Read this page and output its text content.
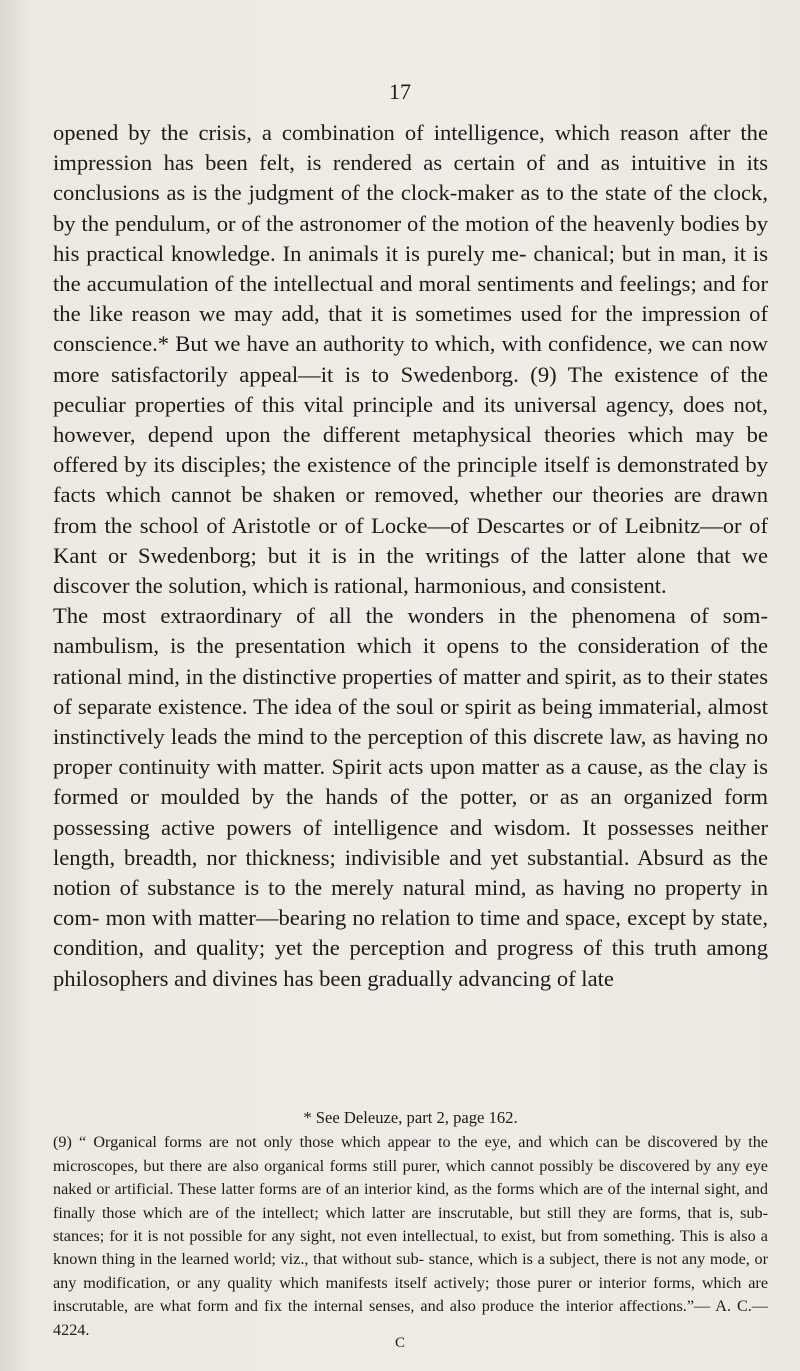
17

opened by the crisis, a combination of intelligence, which reason after the impression has been felt, is rendered as certain of and as intuitive in its conclusions as is the judgment of the clock-maker as to the state of the clock, by the pendulum, or of the astronomer of the motion of the heavenly bodies by his practical knowledge. In animals it is purely me- chanical; but in man, it is the accumulation of the intellectual and moral sentiments and feelings; and for the like reason we may add, that it is sometimes used for the impression of conscience.* But we have an authority to which, with confidence, we can now more satisfactorily appeal—it is to Swedenborg. (9) The existence of the peculiar properties of this vital principle and its universal agency, does not, however, depend upon the different metaphysical theories which may be offered by its disciples; the existence of the principle itself is demonstrated by facts which cannot be shaken or removed, whether our theories are drawn from the school of Aristotle or of Locke—of Descartes or of Leibnitz—or of Kant or Swedenborg; but it is in the writings of the latter alone that we discover the solution, which is rational, harmonious, and consistent.

The most extraordinary of all the wonders in the phenomena of som- nambulism, is the presentation which it opens to the consideration of the rational mind, in the distinctive properties of matter and spirit, as to their states of separate existence. The idea of the soul or spirit as being immaterial, almost instinctively leads the mind to the perception of this discrete law, as having no proper continuity with matter. Spirit acts upon matter as a cause, as the clay is formed or moulded by the hands of the potter, or as an organized form possessing active powers of intelligence and wisdom. It possesses neither length, breadth, nor thickness; indivisible and yet substantial. Absurd as the notion of substance is to the merely natural mind, as having no property in com- mon with matter—bearing no relation to time and space, except by state, condition, and quality; yet the perception and progress of this truth among philosophers and divines has been gradually advancing of late

* See Deleuze, part 2, page 162.

(9) “ Organical forms are not only those which appear to the eye, and which can be discovered by the microscopes, but there are also organical forms still purer, which cannot possibly be discovered by any eye naked or artificial. These latter forms are of an interior kind, as the forms which are of the internal sight, and finally those which are of the intellect; which latter are inscrutable, but still they are forms, that is, sub- stances; for it is not possible for any sight, not even intellectual, to exist, but from something. This is also a known thing in the learned world; viz., that without sub- stance, which is a subject, there is not any mode, or any modification, or any quality which manifests itself actively; those purer or interior forms, which are inscrutable, are what form and fix the internal senses, and also produce the interior affections.”— A. C.—4224.

C
